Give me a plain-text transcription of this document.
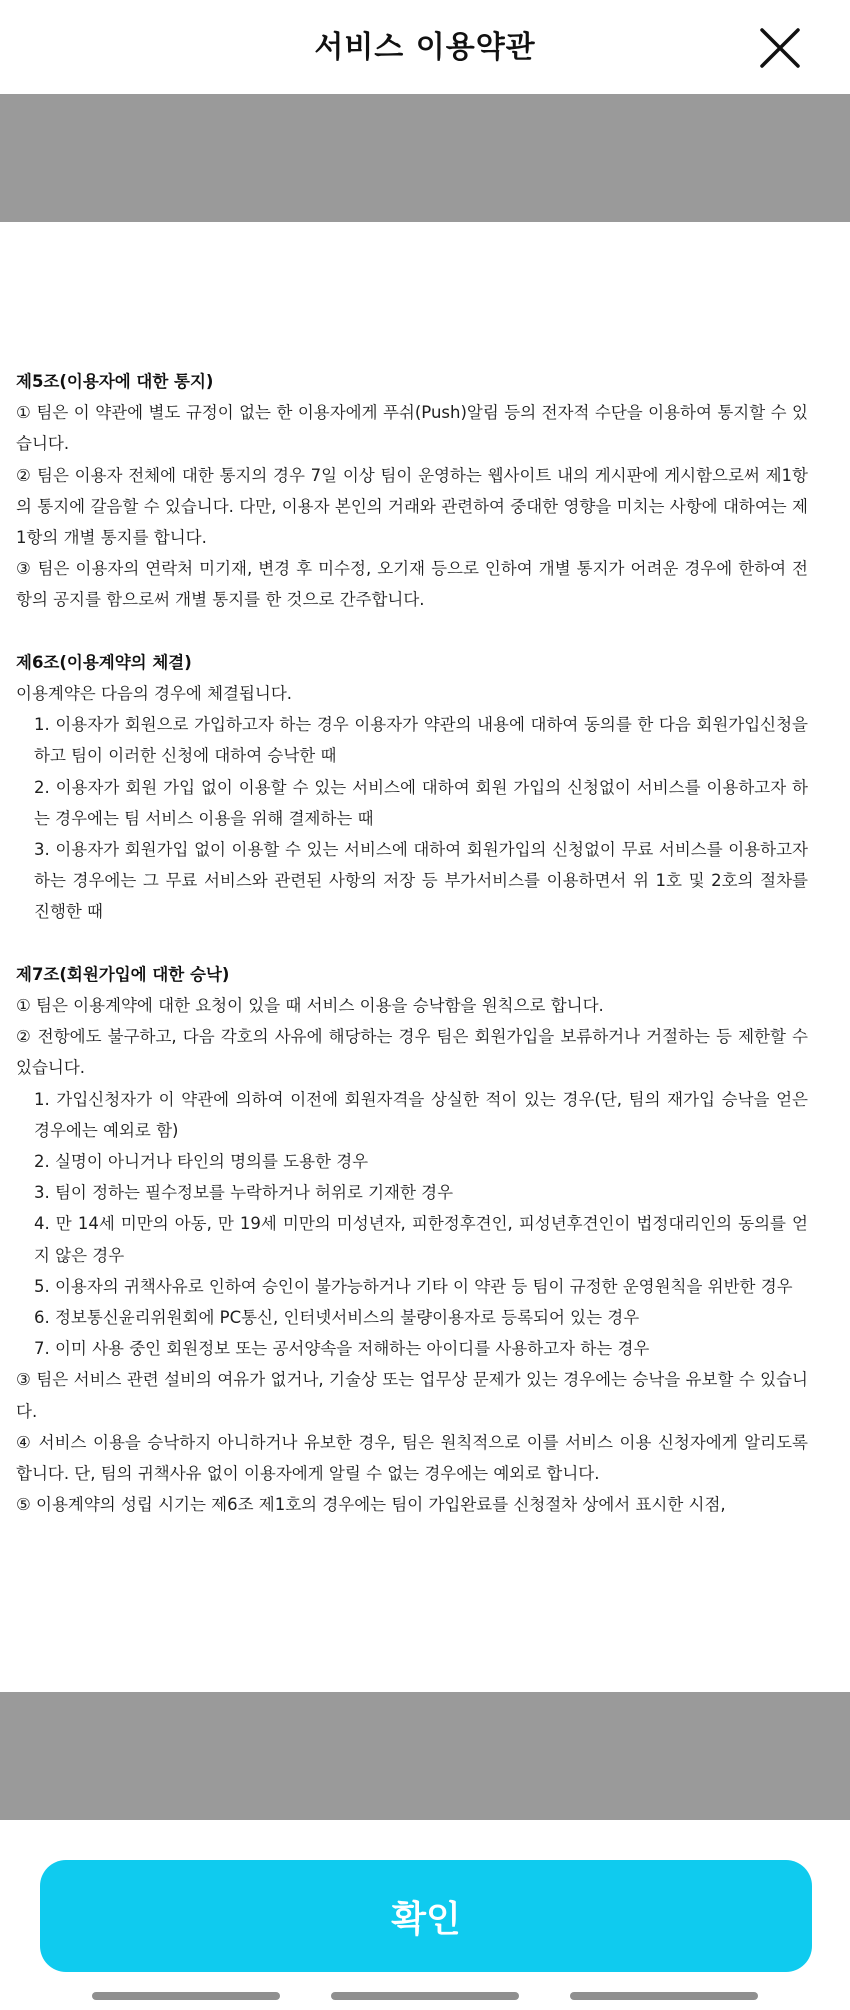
서비스 이용약관
제5조(이용자에 대한 통지)
① 팀은 이 약관에 별도 규정이 없는 한 이용자에게 푸쉬(Push)알림 등의 전자적 수단을 이용하여 통지할 수 있습니다.
② 팀은 이용자 전체에 대한 통지의 경우 7일 이상 팀이 운영하는 웹사이트 내의 게시판에 게시함으로써 제1항의 통지에 갈음할 수 있습니다. 다만, 이용자 본인의 거래와 관련하여 중대한 영향을 미치는 사항에 대하여는 제1항의 개별 통지를 합니다.
③ 팀은 이용자의 연락처 미기재, 변경 후 미수정, 오기재 등으로 인하여 개별 통지가 어려운 경우에 한하여 전항의 공지를 함으로써 개별 통지를 한 것으로 간주합니다.
제6조(이용계약의 체결)
이용계약은 다음의 경우에 체결됩니다.
1. 이용자가 회원으로 가입하고자 하는 경우 이용자가 약관의 내용에 대하여 동의를 한 다음 회원가입신청을 하고 팀이 이러한 신청에 대하여 승낙한 때
2. 이용자가 회원 가입 없이 이용할 수 있는 서비스에 대하여 회원 가입의 신청없이 서비스를 이용하고자 하는 경우에는 팀 서비스 이용을 위해 결제하는 때
3. 이용자가 회원가입 없이 이용할 수 있는 서비스에 대하여 회원가입의 신청없이 무료 서비스를 이용하고자 하는 경우에는 그 무료 서비스와 관련된 사항의 저장 등 부가서비스를 이용하면서 위 1호 및 2호의 절차를 진행한 때
제7조(회원가입에 대한 승낙)
① 팀은 이용계약에 대한 요청이 있을 때 서비스 이용을 승낙함을 원칙으로 합니다.
② 전항에도 불구하고, 다음 각호의 사유에 해당하는 경우 팀은 회원가입을 보류하거나 거절하는 등 제한할 수 있습니다.
1. 가입신청자가 이 약관에 의하여 이전에 회원자격을 상실한 적이 있는 경우(단, 팀의 재가입 승낙을 얻은 경우에는 예외로 함)
2. 실명이 아니거나 타인의 명의를 도용한 경우
3. 팀이 정하는 필수정보를 누락하거나 허위로 기재한 경우
4. 만 14세 미만의 아동, 만 19세 미만의 미성년자, 피한정후견인, 피성년후견인이 법정대리인의 동의를 얻지 않은 경우
5. 이용자의 귀책사유로 인하여 승인이 불가능하거나 기타 이 약관 등 팀이 규정한 운영원칙을 위반한 경우
6. 정보통신윤리위원회에 PC통신, 인터넷서비스의 불량이용자로 등록되어 있는 경우
7. 이미 사용 중인 회원정보 또는 공서양속을 저해하는 아이디를 사용하고자 하는 경우
③ 팀은 서비스 관련 설비의 여유가 없거나, 기술상 또는 업무상 문제가 있는 경우에는 승낙을 유보할 수 있습니다.
④ 서비스 이용을 승낙하지 아니하거나 유보한 경우, 팀은 원칙적으로 이를 서비스 이용 신청자에게 알리도록 합니다. 단, 팀의 귀책사유 없이 이용자에게 알릴 수 없는 경우에는 예외로 합니다.
⑤ 이용계약의 성립 시기는 제6조 제1호의 경우에는 팀이 가입완료를 신청절차 상에서 표시한 시점,
확인
